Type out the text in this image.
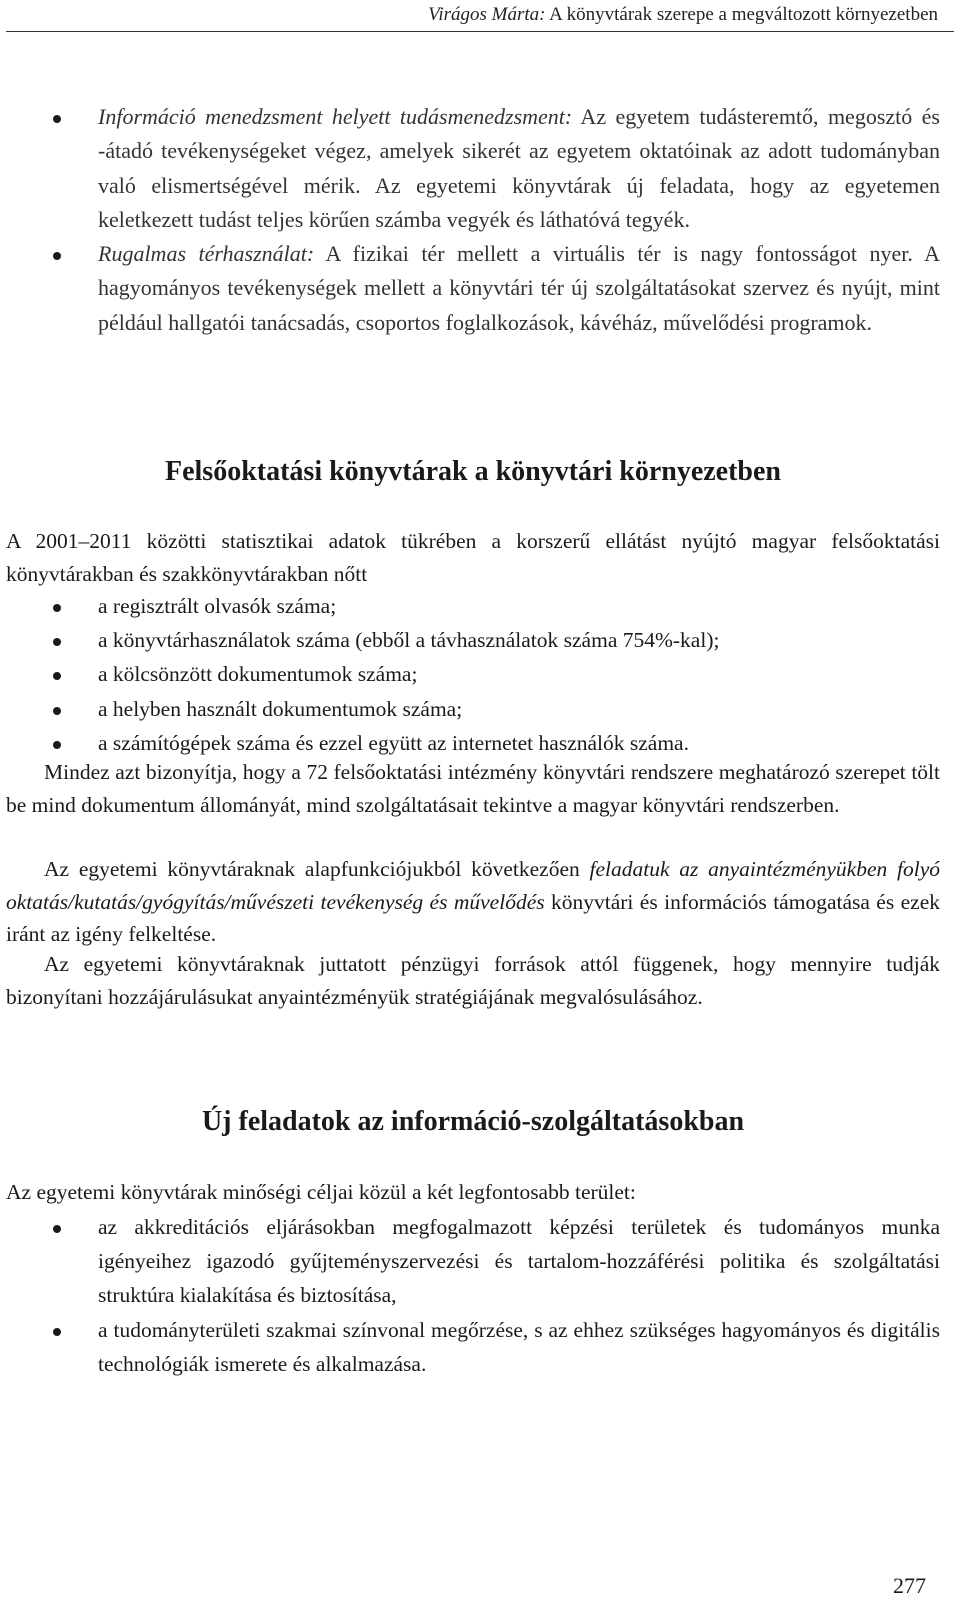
Virágos Márta: A könyvtárak szerepe a megváltozott környezetben
Információ menedzsment helyett tudásmenedzsment: Az egyetem tudásteremtő, megosztó és -átadó tevékenységeket végez, amelyek sikerét az egyetem oktatóinak az adott tudományban való elismertségével mérik. Az egyetemi könyvtárak új feladata, hogy az egyetemen keletkezett tudást teljes körűen számba vegyék és láthatóvá tegyék.
Rugalmas térhasználat: A fizikai tér mellett a virtuális tér is nagy fontosságot nyer. A hagyományos tevékenységek mellett a könyvtári tér új szolgáltatásokat szervez és nyújt, mint például hallgatói tanácsadás, csoportos foglalkozások, kávéház, művelődési programok.
Felsőoktatási könyvtárak a könyvtári környezetben

A 2001–2011 közötti statisztikai adatok tükrében a korszerű ellátást nyújtó magyar felsőoktatási könyvtárakban és szakkönyvtárakban nőtt

a regisztrált olvasók száma;
a könyvtárhasználatok száma (ebből a távhasználatok száma 754%-kal);
a kölcsönzött dokumentumok száma;
a helyben használt dokumentumok száma;
a számítógépek száma és ezzel együtt az internetet használók száma.

Mindez azt bizonyítja, hogy a 72 felsőoktatási intézmény könyvtári rendszere meghatározó szerepet tölt be mind dokumentum állományát, mind szolgáltatásait tekintve a magyar könyvtári rendszerben.

Az egyetemi könyvtáraknak alapfunkciójukból következően feladatuk az anyaintézményükben folyó oktatás/kutatás/gyógyítás/művészeti tevékenység és művelődés könyvtári és információs támogatása és ezek iránt az igény felkeltése.

Az egyetemi könyvtáraknak juttatott pénzügyi források attól függenek, hogy mennyire tudják bizonyítani hozzájárulásukat anyaintézményük stratégiájának megvalósulásához.

Új feladatok az információ-szolgáltatásokban

Az egyetemi könyvtárak minőségi céljai közül a két legfontosabb terület:

az akkreditációs eljárásokban megfogalmazott képzési területek és tudományos munka igényeihez igazodó gyűjteményszervezési és tartalom-hozzáférési politika és szolgáltatási struktúra kialakítása és biztosítása,
a tudományterületi szakmai színvonal megőrzése, s az ehhez szükséges hagyományos és digitális technológiák ismerete és alkalmazása.
277
